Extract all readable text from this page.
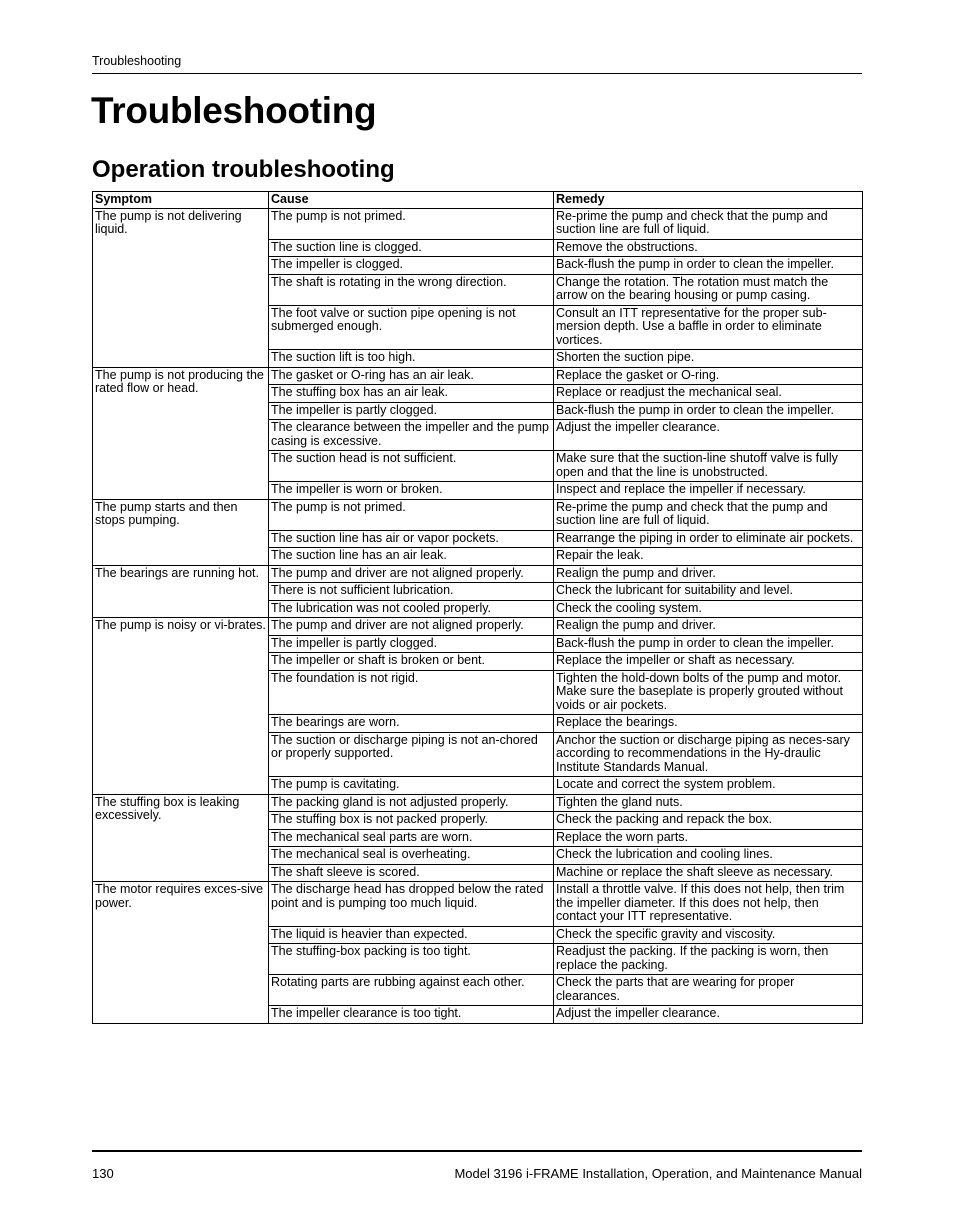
Troubleshooting
Troubleshooting
Operation troubleshooting
Symptom	Cause	Remedy
The pump is not delivering liquid.	The pump is not primed.	Re-prime the pump and check that the pump and suction line are full of liquid.
	The suction line is clogged.	Remove the obstructions.
	The impeller is clogged.	Back-flush the pump in order to clean the impeller.
	The shaft is rotating in the wrong direction.	Change the rotation. The rotation must match the arrow on the bearing housing or pump casing.
	The foot valve or suction pipe opening is not submerged enough.	Consult an ITT representative for the proper sub-mersion depth. Use a baffle in order to eliminate vortices.
	The suction lift is too high.	Shorten the suction pipe.
The pump is not producing the rated flow or head.	The gasket or O-ring has an air leak.	Replace the gasket or O-ring.
	The stuffing box has an air leak.	Replace or readjust the mechanical seal.
	The impeller is partly clogged.	Back-flush the pump in order to clean the impeller.
	The clearance between the impeller and the pump casing is excessive.	Adjust the impeller clearance.
	The suction head is not sufficient.	Make sure that the suction-line shutoff valve is fully open and that the line is unobstructed.
	The impeller is worn or broken.	Inspect and replace the impeller if necessary.
The pump starts and then stops pumping.	The pump is not primed.	Re-prime the pump and check that the pump and suction line are full of liquid.
	The suction line has air or vapor pockets.	Rearrange the piping in order to eliminate air pockets.
	The suction line has an air leak.	Repair the leak.
The bearings are running hot.	The pump and driver are not aligned properly.	Realign the pump and driver.
	There is not sufficient lubrication.	Check the lubricant for suitability and level.
	The lubrication was not cooled properly.	Check the cooling system.
The pump is noisy or vi-brates.	The pump and driver are not aligned properly.	Realign the pump and driver.
	The impeller is partly clogged.	Back-flush the pump in order to clean the impeller.
	The impeller or shaft is broken or bent.	Replace the impeller or shaft as necessary.
	The foundation is not rigid.	Tighten the hold-down bolts of the pump and motor. Make sure the baseplate is properly grouted without voids or air pockets.
	The bearings are worn.	Replace the bearings.
	The suction or discharge piping is not an-chored or properly supported.	Anchor the suction or discharge piping as neces-sary according to recommendations in the Hy-draulic Institute Standards Manual.
	The pump is cavitating.	Locate and correct the system problem.
The stuffing box is leaking excessively.	The packing gland is not adjusted properly.	Tighten the gland nuts.
	The stuffing box is not packed properly.	Check the packing and repack the box.
	The mechanical seal parts are worn.	Replace the worn parts.
	The mechanical seal is overheating.	Check the lubrication and cooling lines.
	The shaft sleeve is scored.	Machine or replace the shaft sleeve as necessary.
The motor requires exces-sive power.	The discharge head has dropped below the rated point and is pumping too much liquid.	Install a throttle valve. If this does not help, then trim the impeller diameter. If this does not help, then contact your ITT representative.
	The liquid is heavier than expected.	Check the specific gravity and viscosity.
	The stuffing-box packing is too tight.	Readjust the packing. If the packing is worn, then replace the packing.
	Rotating parts are rubbing against each other.	Check the parts that are wearing for proper clearances.
	The impeller clearance is too tight.	Adjust the impeller clearance.
130	Model 3196 i-FRAME Installation, Operation, and Maintenance Manual
